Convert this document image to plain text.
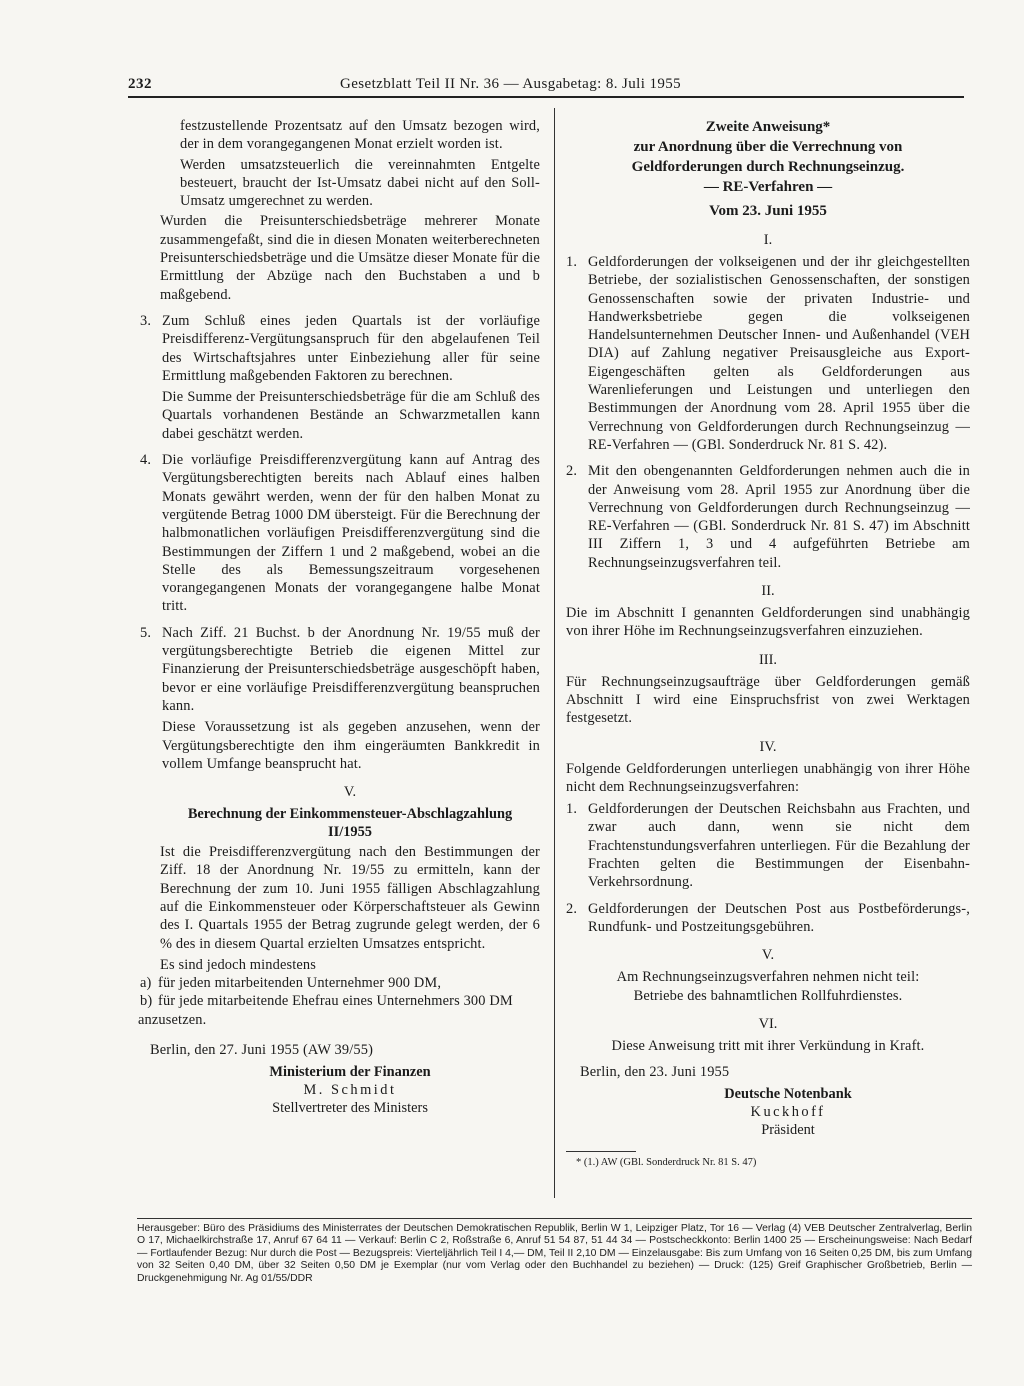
232	Gesetzblatt Teil II Nr. 36 — Ausgabetag: 8. Juli 1955

festzustellende Prozentsatz auf den Umsatz bezogen wird, der in dem vorangegangenen Monat erzielt worden ist.

Werden umsatzsteuerlich die vereinnahmten Entgelte besteuert, braucht der Ist-Umsatz dabei nicht auf den Soll-Umsatz umgerechnet zu werden.

Wurden die Preisunterschiedsbeträge mehrerer Monate zusammengefaßt, sind die in diesen Monaten weiterberechneten Preisunterschiedsbeträge und die Umsätze dieser Monate für die Ermittlung der Abzüge nach den Buchstaben a und b maßgebend.

3. Zum Schluß eines jeden Quartals ist der vorläufige Preisdifferenz-Vergütungsanspruch für den abgelaufenen Teil des Wirtschaftsjahres unter Einbeziehung aller für seine Ermittlung maßgebenden Faktoren zu berechnen.

Die Summe der Preisunterschiedsbeträge für die am Schluß des Quartals vorhandenen Bestände an Schwarzmetallen kann dabei geschätzt werden.

4. Die vorläufige Preisdifferenzvergütung kann auf Antrag des Vergütungsberechtigten bereits nach Ablauf eines halben Monats gewährt werden, wenn der für den halben Monat zu vergütende Betrag 1000 DM übersteigt. Für die Berechnung der halbmonatlichen vorläufigen Preisdifferenzvergütung sind die Bestimmungen der Ziffern 1 und 2 maßgebend, wobei an die Stelle des als Bemessungszeitraum vorgesehenen vorangegangenen Monats der vorangegangene halbe Monat tritt.

5. Nach Ziff. 21 Buchst. b der Anordnung Nr. 19/55 muß der vergütungsberechtigte Betrieb die eigenen Mittel zur Finanzierung der Preisunterschiedsbeträge ausgeschöpft haben, bevor er eine vorläufige Preisdifferenzvergütung beanspruchen kann.

Diese Voraussetzung ist als gegeben anzusehen, wenn der Vergütungsberechtigte den ihm eingeräumten Bankkredit in vollem Umfange beansprucht hat.

V.
Berechnung der Einkommensteuer-Abschlagzahlung II/1955

Ist die Preisdifferenzvergütung nach den Bestimmungen der Ziff. 18 der Anordnung Nr. 19/55 zu ermitteln, kann der Berechnung der zum 10. Juni 1955 fälligen Abschlagzahlung auf die Einkommensteuer oder Körperschaftsteuer als Gewinn des I. Quartals 1955 der Betrag zugrunde gelegt werden, der 6 % des in diesem Quartal erzielten Umsatzes entspricht.

Es sind jedoch mindestens

a) für jeden mitarbeitenden Unternehmer 900 DM,

b) für jede mitarbeitende Ehefrau eines Unternehmers 300 DM

anzusetzen.

Berlin, den 27. Juni 1955 (AW 39/55)

Ministerium der Finanzen
M. Schmidt
Stellvertreter des Ministers
Zweite Anweisung*
zur Anordnung über die Verrechnung von
Geldforderungen durch Rechnungseinzug.
— RE-Verfahren —
Vom 23. Juni 1955
I.
1. Geldforderungen der volkseigenen und der ihr gleichgestellten Betriebe, der sozialistischen Genossenschaften, der sonstigen Genossenschaften sowie der privaten Industrie- und Handwerksbetriebe gegen die volkseigenen Handelsunternehmen Deutscher Innen- und Außenhandel (VEH DIA) auf Zahlung negativer Preisausgleiche aus Export-Eigengeschäften gelten als Geldforderungen aus Warenlieferungen und Leistungen und unterliegen den Bestimmungen der Anordnung vom 28. April 1955 über die Verrechnung von Geldforderungen durch Rechnungseinzug — RE-Verfahren — (GBl. Sonderdruck Nr. 81 S. 42).

2. Mit den obengenannten Geldforderungen nehmen auch die in der Anweisung vom 28. April 1955 zur Anordnung über die Verrechnung von Geldforderungen durch Rechnungseinzug — RE-Verfahren — (GBl. Sonderdruck Nr. 81 S. 47) im Abschnitt III Ziffern 1, 3 und 4 aufgeführten Betriebe am Rechnungseinzugsverfahren teil.

II.

Die im Abschnitt I genannten Geldforderungen sind unabhängig von ihrer Höhe im Rechnungseinzugsverfahren einzuziehen.

III.

Für Rechnungseinzugsaufträge über Geldforderungen gemäß Abschnitt I wird eine Einspruchsfrist von zwei Werktagen festgesetzt.

IV.

Folgende Geldforderungen unterliegen unabhängig von ihrer Höhe nicht dem Rechnungseinzugsverfahren:

1. Geldforderungen der Deutschen Reichsbahn aus Frachten, und zwar auch dann, wenn sie nicht dem Frachtenstundungsverfahren unterliegen. Für die Bezahlung der Frachten gelten die Bestimmungen der Eisenbahn-Verkehrsordnung.

2. Geldforderungen der Deutschen Post aus Postbeförderungs-, Rundfunk- und Postzeitungsgebühren.

V.

Am Rechnungseinzugsverfahren nehmen nicht teil:

Betriebe des bahnamtlichen Rollfuhrdienstes.

VI.

Diese Anweisung tritt mit ihrer Verkündung in Kraft.

Berlin, den 23. Juni 1955

Deutsche Notenbank
Kuckhoff
Präsident
* (1.) AW (GBl. Sonderdruck Nr. 81 S. 47)
Herausgeber: Büro des Präsidiums des Ministerrates der Deutschen Demokratischen Republik, Berlin W 1, Leipziger Platz, Tor 16 — Verlag (4) VEB Deutscher Zentralverlag, Berlin O 17, Michaelkirchstraße 17, Anruf 67 64 11 — Verkauf: Berlin C 2, Roßstraße 6, Anruf 51 54 87, 51 44 34 — Postscheckkonto: Berlin 1400 25 — Erscheinungsweise: Nach Bedarf — Fortlaufender Bezug: Nur durch die Post — Bezugspreis: Vierteljährlich Teil I 4,— DM, Teil II 2,10 DM — Einzelausgabe: Bis zum Umfang von 16 Seiten 0,25 DM, bis zum Umfang von 32 Seiten 0,40 DM, über 32 Seiten 0,50 DM je Exemplar (nur vom Verlag oder den Buchhandel zu beziehen) — Druck: (125) Greif Graphischer Großbetrieb, Berlin — Druckgenehmigung Nr. Ag 01/55/DDR
